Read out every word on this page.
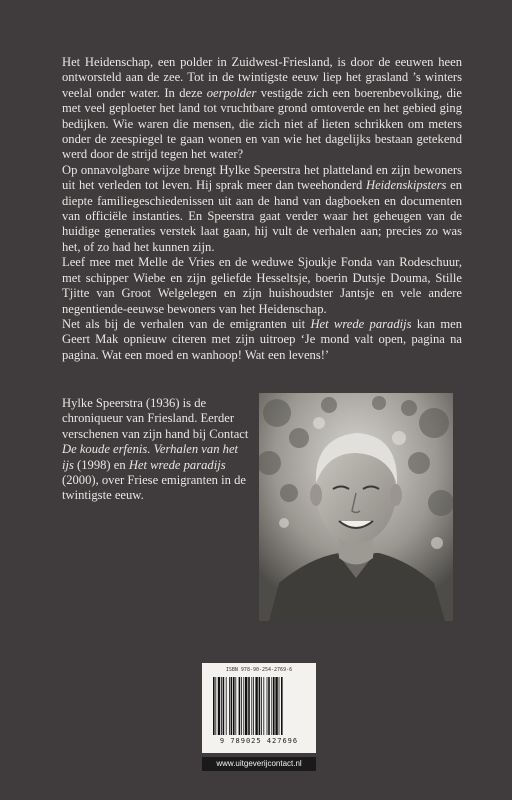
Het Heidenschap, een polder in Zuidwest-Friesland, is door de eeuwen heen ontworsteld aan de zee. Tot in de twintigste eeuw liep het grasland ’s winters veelal onder water. In deze oerpolder vestigde zich een boerenbevolking, die met veel geploeter het land tot vruchtbare grond omtoverde en het gebied ging bedijken. Wie waren die mensen, die zich niet af lieten schrikken om meters onder de zeespiegel te gaan wonen en van wie het dagelijks bestaan getekend werd door de strijd tegen het water?

Op onnavolgbare wijze brengt Hylke Speerstra het platteland en zijn bewoners uit het verleden tot leven. Hij sprak meer dan tweehonderd Heidenskipsters en diepte familiegeschiedenissen uit aan de hand van dagboeken en documenten van officiële instanties. En Speerstra gaat verder waar het geheugen van de huidige generaties verstek laat gaan, hij vult de verhalen aan; precies zo was het, of zo had het kunnen zijn.

Leef mee met Melle de Vries en de weduwe Sjoukje Fonda van Rodeschuur, met schipper Wiebe en zijn geliefde Hesseltsje, boerin Dutsje Douma, Stille Tjitte van Groot Welgelegen en zijn huishoudster Jantsje en vele andere negentiende-eeuwse bewoners van het Heidenschap.

Net als bij de verhalen van de emigranten uit Het wrede paradijs kan men Geert Mak opnieuw citeren met zijn uitroep ‘Je mond valt open, pagina na pagina. Wat een moed en wanhoop! Wat een levens!’

Hylke Speerstra (1936) is de chroniqueur van Friesland. Eerder verschenen van zijn hand bij Contact De koude erfenis. Verhalen van het ijs (1998) en Het wrede paradijs (2000), over Friese emigranten in de twintigste eeuw.

ISBN 978-90-254-2769-6
9 789025 427696
www.uitgeverijcontact.nl
